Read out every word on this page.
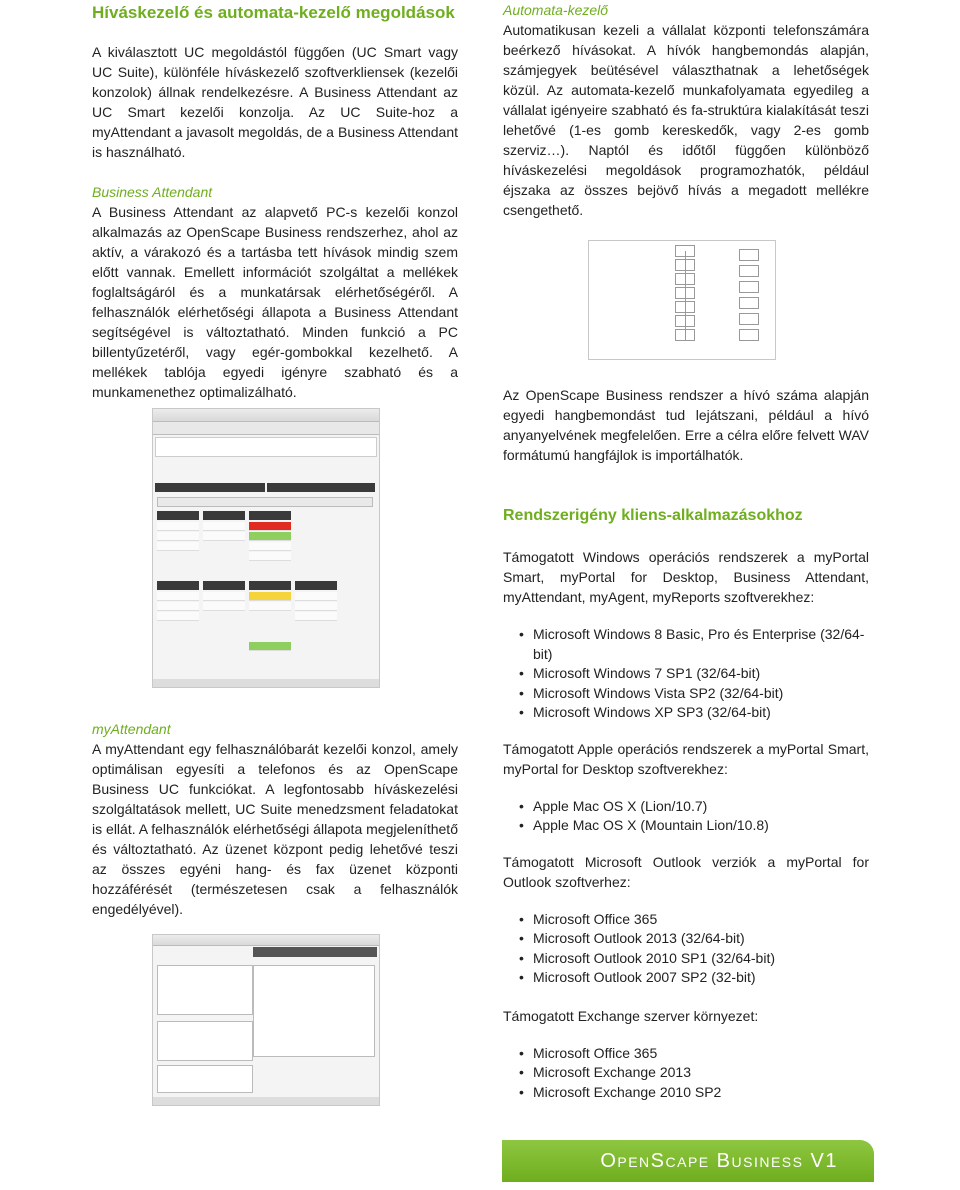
Híváskezelő és automata-kezelő megoldások

A kiválasztott UC megoldástól függően (UC Smart vagy UC Suite), különféle híváskezelő szoftverkliensek (kezelői konzolok) állnak rendelkezésre. A Business Attendant az UC Smart kezelői konzolja. Az UC Suite-hoz a myAttendant a javasolt megoldás, de a Business Attendant is használható.

Business Attendant

A Business Attendant az alapvető PC-s kezelői konzol alkalmazás az OpenScape Business rendszerhez, ahol az aktív, a várakozó és a tartásba tett hívások mindig szem előtt vannak. Emellett információt szolgáltat a mellékek foglaltságáról és a munkatársak elérhetőségéről. A felhasználók elérhetőségi állapota a Business Attendant segítségével is változtatható. Minden funkció a PC billentyűzetéről, vagy egér-gombokkal kezelhető. A mellékek tablója egyedi igényre szabható és a munkamenethez optimalizálható.

myAttendant

A myAttendant egy felhasználóbarát kezelői konzol, amely optimálisan egyesíti a telefonos és az OpenScape Business UC funkciókat. A legfontosabb híváskezelési szolgáltatások mellett, UC Suite menedzsment feladatokat is ellát. A felhasználók elérhetőségi állapota megjeleníthető és változtatható. Az üzenet központ pedig lehetővé teszi az összes egyéni hang- és fax üzenet központi hozzáférését (természetesen csak a felhasználók engedélyével).

Automata-kezelő

Automatikusan kezeli a vállalat központi telefonszámára beérkező hívásokat. A hívók hangbemondás alapján, számjegyek beütésével választhatnak a lehetőségek közül. Az automata-kezelő munkafolyamata egyedileg a vállalat igényeire szabható és fa-struktúra kialakítását teszi lehetővé (1-es gomb kereskedők, vagy 2-es gomb szerviz…). Naptól és időtől függően különböző híváskezelési megoldások programozhatók, például éjszaka az összes bejövő hívás a megadott mellékre csengethető.

Az OpenScape Business rendszer a hívó száma alapján egyedi hangbemondást tud lejátszani, például a hívó anyanyelvének megfelelően. Erre a célra előre felvett WAV formátumú hangfájlok is importálhatók.

Rendszerigény kliens-alkalmazásokhoz

Támogatott Windows operációs rendszerek a myPortal Smart, myPortal for Desktop, Business Attendant, myAttendant, myAgent, myReports szoftverekhez:

• Microsoft Windows 8 Basic, Pro és Enterprise (32/64-bit)
• Microsoft Windows 7 SP1 (32/64-bit)
• Microsoft Windows Vista SP2 (32/64-bit)
• Microsoft Windows XP SP3 (32/64-bit)

Támogatott Apple operációs rendszerek a myPortal Smart, myPortal for Desktop szoftverekhez:

• Apple Mac OS X (Lion/10.7)
• Apple Mac OS X (Mountain Lion/10.8)

Támogatott Microsoft Outlook verziók a myPortal for Outlook szoftverhez:

• Microsoft Office 365
• Microsoft Outlook 2013 (32/64-bit)
• Microsoft Outlook 2010 SP1 (32/64-bit)
• Microsoft Outlook 2007 SP2 (32-bit)

Támogatott Exchange szerver környezet:

• Microsoft Office 365
• Microsoft Exchange 2013
• Microsoft Exchange 2010 SP2
OpenScape Business V1
